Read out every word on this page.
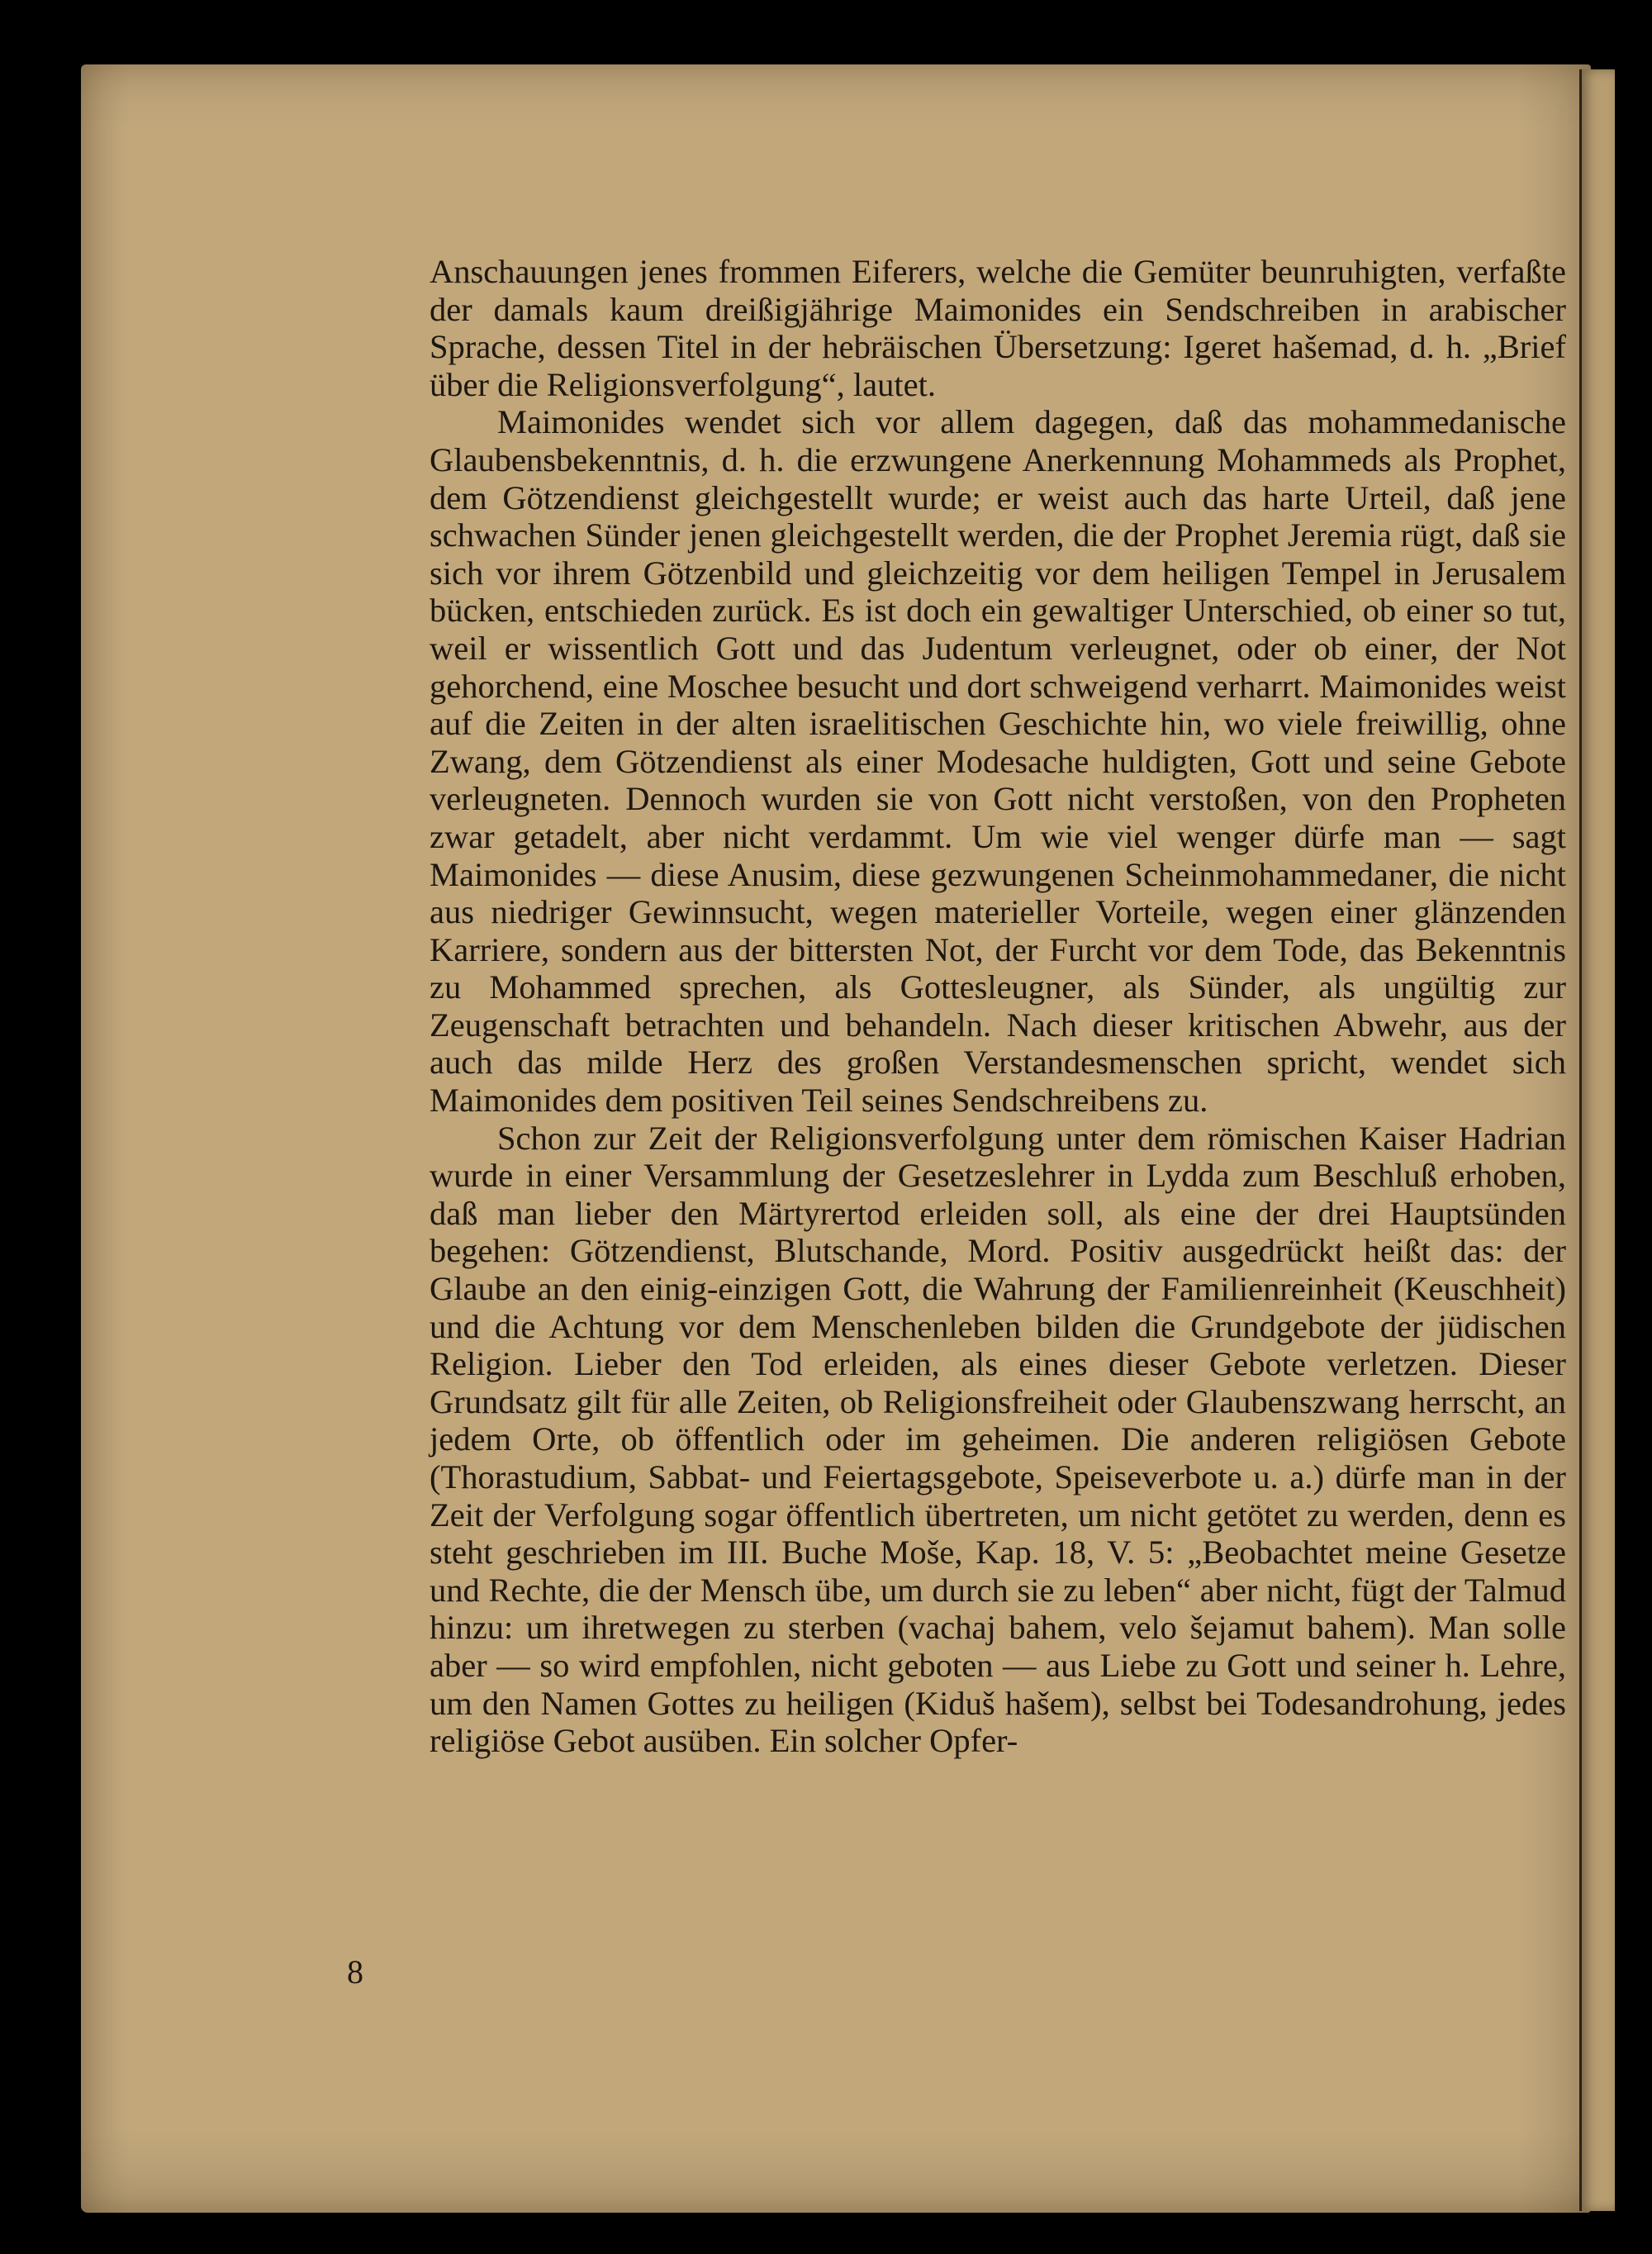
Anschauungen jenes frommen Eiferers, welche die Gemüter beunruhigten, verfaßte der damals kaum dreißigjährige Maimonides ein Sendschreiben in arabischer Sprache, dessen Titel in der hebräischen Übersetzung: Igeret hašemad, d. h. „Brief über die Religionsverfolgung“, lautet.

Maimonides wendet sich vor allem dagegen, daß das mohammedanische Glaubensbekenntnis, d. h. die erzwungene Anerkennung Mohammeds als Prophet, dem Götzendienst gleichgestellt wurde; er weist auch das harte Urteil, daß jene schwachen Sünder jenen gleichgestellt werden, die der Prophet Jeremia rügt, daß sie sich vor ihrem Götzenbild und gleichzeitig vor dem heiligen Tempel in Jerusalem bücken, entschieden zurück. Es ist doch ein gewaltiger Unterschied, ob einer so tut, weil er wissentlich Gott und das Judentum verleugnet, oder ob einer, der Not gehorchend, eine Moschee besucht und dort schweigend verharrt. Maimonides weist auf die Zeiten in der alten israelitischen Geschichte hin, wo viele freiwillig, ohne Zwang, dem Götzendienst als einer Modesache huldigten, Gott und seine Gebote verleugneten. Dennoch wurden sie von Gott nicht verstoßen, von den Propheten zwar getadelt, aber nicht verdammt. Um wie viel wenger dürfe man — sagt Maimonides — diese Anusim, diese gezwungenen Scheinmohammedaner, die nicht aus niedriger Gewinnsucht, wegen materieller Vorteile, wegen einer glänzenden Karriere, sondern aus der bittersten Not, der Furcht vor dem Tode, das Bekenntnis zu Mohammed sprechen, als Gottesleugner, als Sünder, als ungültig zur Zeugenschaft betrachten und behandeln. Nach dieser kritischen Abwehr, aus der auch das milde Herz des großen Verstandesmenschen spricht, wendet sich Maimonides dem positiven Teil seines Sendschreibens zu.

Schon zur Zeit der Religionsverfolgung unter dem römischen Kaiser Hadrian wurde in einer Versammlung der Gesetzeslehrer in Lydda zum Beschluß erhoben, daß man lieber den Märtyrertod erleiden soll, als eine der drei Hauptsünden begehen: Götzendienst, Blutschande, Mord. Positiv ausgedrückt heißt das: der Glaube an den einig-einzigen Gott, die Wahrung der Familienreinheit (Keuschheit) und die Achtung vor dem Menschenleben bilden die Grundgebote der jüdischen Religion. Lieber den Tod erleiden, als eines dieser Gebote verletzen. Dieser Grundsatz gilt für alle Zeiten, ob Religionsfreiheit oder Glaubenszwang herrscht, an jedem Orte, ob öffentlich oder im geheimen. Die anderen religiösen Gebote (Thorastudium, Sabbat- und Feiertagsgebote, Speiseverbote u. a.) dürfe man in der Zeit der Verfolgung sogar öffentlich übertreten, um nicht getötet zu werden, denn es steht geschrieben im III. Buche Moše, Kap. 18, V. 5: „Beobachtet meine Gesetze und Rechte, die der Mensch übe, um durch sie zu leben“ aber nicht, fügt der Talmud hinzu: um ihretwegen zu sterben (vachaj bahem, velo šejamut bahem). Man solle aber — so wird empfohlen, nicht geboten — aus Liebe zu Gott und seiner h. Lehre, um den Namen Gottes zu heiligen (Kiduš hašem), selbst bei Todesandrohung, jedes religiöse Gebot ausüben. Ein solcher Opfer-

8
